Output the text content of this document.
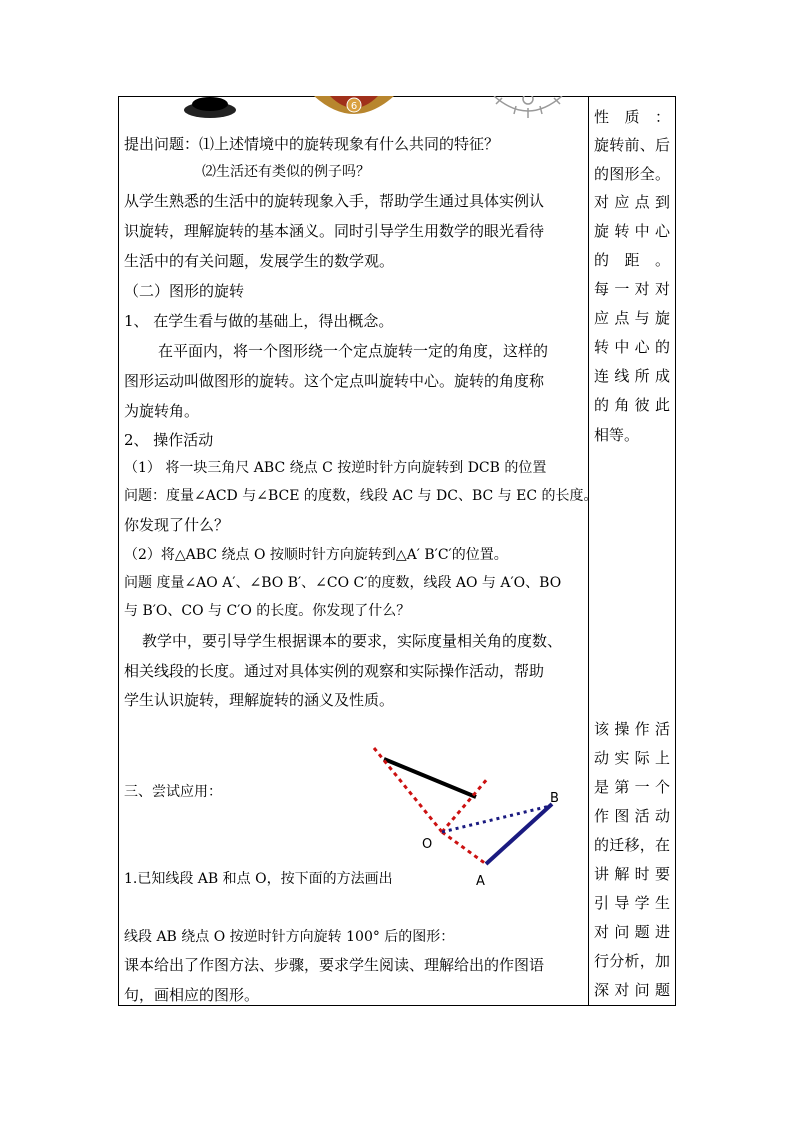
6
提出问题：⑴上述情境中的旋转现象有什么共同的特征？
⑵生活还有类似的例子吗？
从学生熟悉的生活中的旋转现象入手，帮助学生通过具体实例认
识旋转，理解旋转的基本涵义。同时引导学生用数学的眼光看待
生活中的有关问题，发展学生的数学观。
（二）图形的旋转
1、 在学生看与做的基础上，得出概念。
在平面内，将一个图形绕一个定点旋转一定的角度，这样的
图形运动叫做图形的旋转。这个定点叫旋转中心。旋转的角度称
为旋转角。
2、 操作活动
（1） 将一块三角尺 ABC 绕点 C 按逆时针方向旋转到 DCB 的位置
问题：度量∠ACD 与∠BCE 的度数，线段 AC 与 DC、BC 与 EC 的长度。
你发现了什么？
（2）将△ABC 绕点 O 按顺时针方向旋转到△A′ B′C′的位置。
问题 度量∠AO A′、∠BO B′、∠CO C′的度数，线段 AO 与 A′O、BO
与 B′O、CO 与 C′O 的长度。你发现了什么？
教学中，要引导学生根据课本的要求，实际度量相关角的度数、
相关线段的长度。通过对具体实例的观察和实际操作活动，帮助
学生认识旋转，理解旋转的涵义及性质。
三、尝试应用：
1.已知线段 AB 和点 O，按下面的方法画出
线段 AB 绕点 O 按逆时针方向旋转 100° 后的图形：
课本给出了作图方法、步骤，要求学生阅读、理解给出的作图语
句，画相应的图形。
B
O
A
性 质 ：
旋转前、后
的图形全。
对应点到
旋转中心
的 距 。
每一对对
应点与旋
转中心的
连线所成
的角彼此
相等。
该操作活
动实际上
是第一个
作图活动
的迁移，在
讲解时要
引导学生
对问题进
行分析，加
深对问题
